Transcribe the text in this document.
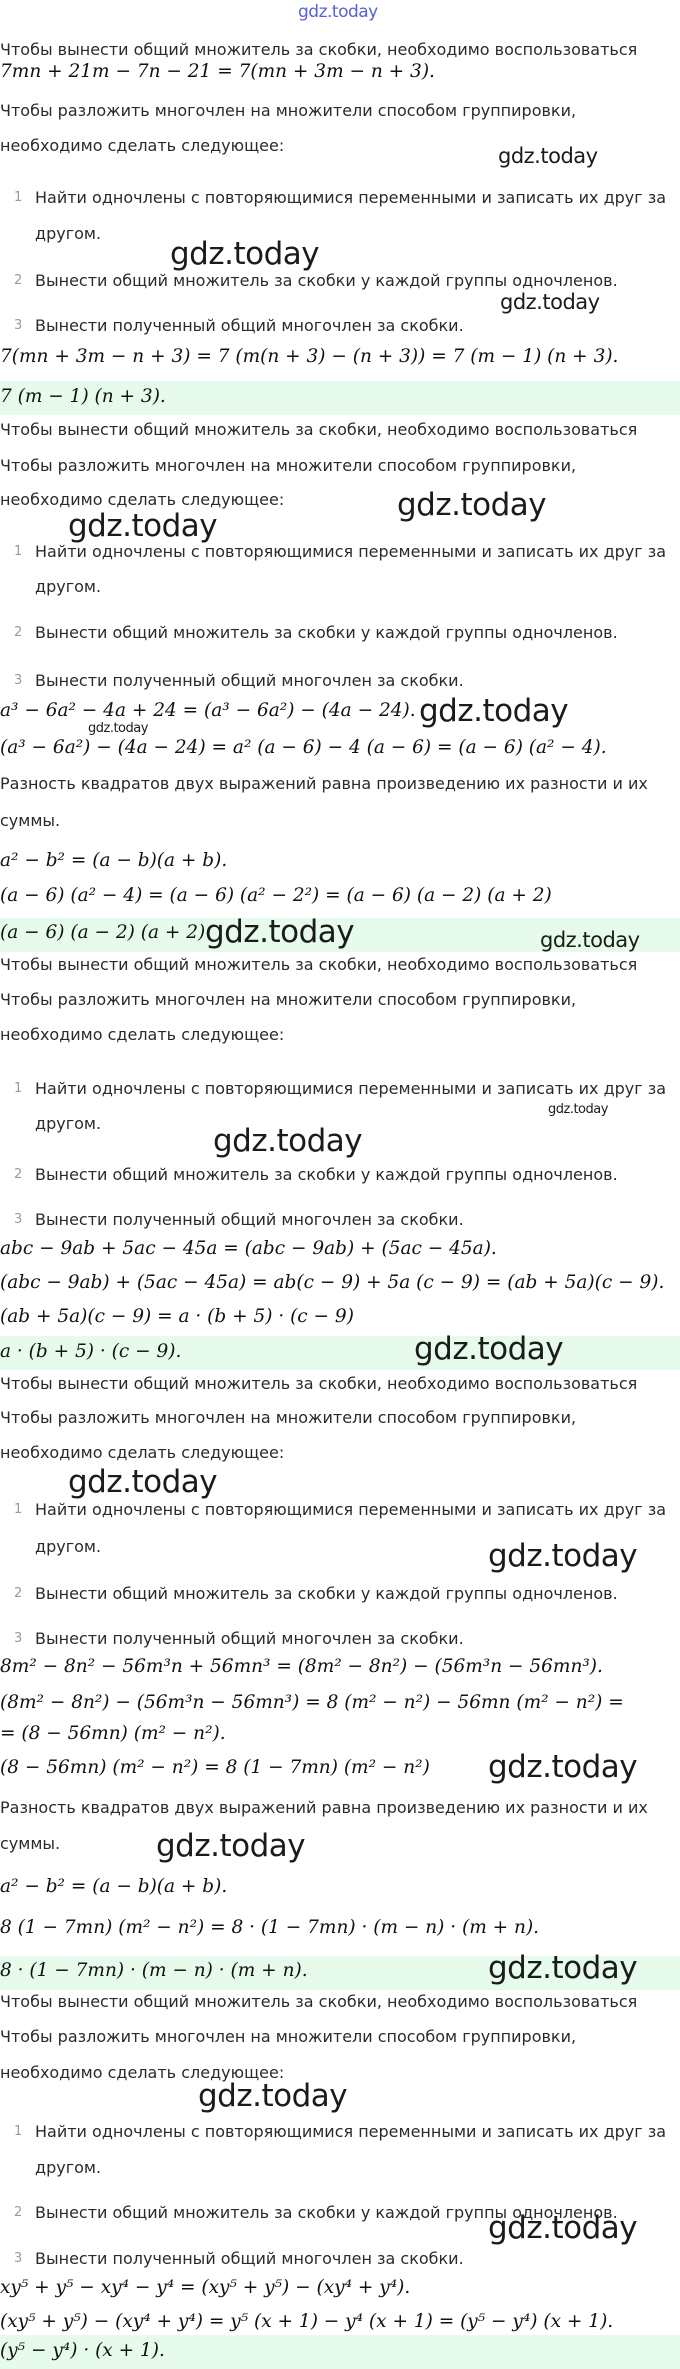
Чтобы вынести общий множитель за скобки, необходимо воспользоваться
7mn + 21m − 7n − 21 = 7(mn + 3m − n + 3).
Чтобы разложить многочлен на множители способом группировки,
необходимо сделать следующее:
1 Найти одночлены с повторяющимися переменными и записать их друг за
другом.
2 Вынести общий множитель за скобки у каждой группы одночленов.
3 Вынести полученный общий многочлен за скобки.
7(mn + 3m − n + 3) = 7 (m(n + 3) − (n + 3)) = 7 (m − 1) (n + 3).
7 (m − 1) (n + 3).
Чтобы вынести общий множитель за скобки, необходимо воспользоваться
Чтобы разложить многочлен на множители способом группировки,
необходимо сделать следующее:
1 Найти одночлены с повторяющимися переменными и записать их друг за
другом.
2 Вынести общий множитель за скобки у каждой группы одночленов.
3 Вынести полученный общий многочлен за скобки.
a³ − 6a² − 4a + 24 = (a³ − 6a²) − (4a − 24).
(a³ − 6a²) − (4a − 24) = a² (a − 6) − 4 (a − 6) = (a − 6) (a² − 4).
Разность квадратов двух выражений равна произведению их разности и их
суммы.
a² − b² = (a − b)(a + b).
(a − 6) (a² − 4) = (a − 6) (a² − 2²) = (a − 6) (a − 2) (a + 2)
(a − 6) (a − 2) (a + 2)
Чтобы вынести общий множитель за скобки, необходимо воспользоваться
Чтобы разложить многочлен на множители способом группировки,
необходимо сделать следующее:
1 Найти одночлены с повторяющимися переменными и записать их друг за
другом.
2 Вынести общий множитель за скобки у каждой группы одночленов.
3 Вынести полученный общий многочлен за скобки.
abc − 9ab + 5ac − 45a = (abc − 9ab) + (5ac − 45a).
(abc − 9ab) + (5ac − 45a) = ab(c − 9) + 5a (c − 9) = (ab + 5a)(c − 9).
(ab + 5a)(c − 9) = a · (b + 5) · (c − 9)
a · (b + 5) · (c − 9).
Чтобы вынести общий множитель за скобки, необходимо воспользоваться
Чтобы разложить многочлен на множители способом группировки,
необходимо сделать следующее:
1 Найти одночлены с повторяющимися переменными и записать их друг за
другом.
2 Вынести общий множитель за скобки у каждой группы одночленов.
3 Вынести полученный общий многочлен за скобки.
8m² − 8n² − 56m³n + 56mn³ = (8m² − 8n²) − (56m³n − 56mn³).
(8m² − 8n²) − (56m³n − 56mn³) = 8 (m² − n²) − 56mn (m² − n²) =
= (8 − 56mn) (m² − n²).
(8 − 56mn) (m² − n²) = 8 (1 − 7mn) (m² − n²)
Разность квадратов двух выражений равна произведению их разности и их
суммы.
a² − b² = (a − b)(a + b).
8 (1 − 7mn) (m² − n²) = 8 · (1 − 7mn) · (m − n) · (m + n).
8 · (1 − 7mn) · (m − n) · (m + n).
Чтобы вынести общий множитель за скобки, необходимо воспользоваться
Чтобы разложить многочлен на множители способом группировки,
необходимо сделать следующее:
1 Найти одночлены с повторяющимися переменными и записать их друг за
другом.
2 Вынести общий множитель за скобки у каждой группы одночленов.
3 Вынести полученный общий многочлен за скобки.
xy⁵ + y⁵ − xy⁴ − y⁴ = (xy⁵ + y⁵) − (xy⁴ + y⁴).
(xy⁵ + y⁵) − (xy⁴ + y⁴) = y⁵ (x + 1) − y⁴ (x + 1) = (y⁵ − y⁴) (x + 1).
(y⁵ − y⁴) · (x + 1).
gdz.today
gdz.today
gdz.today
gdz.today
gdz.today
gdz.today
gdz.today
gdz.today
gdz.today	gdz.today
gdz.today
gdz.today
gdz.today
gdz.today
gdz.today
gdz.today
gdz.today
gdz.today
gdz.today
gdz.today
